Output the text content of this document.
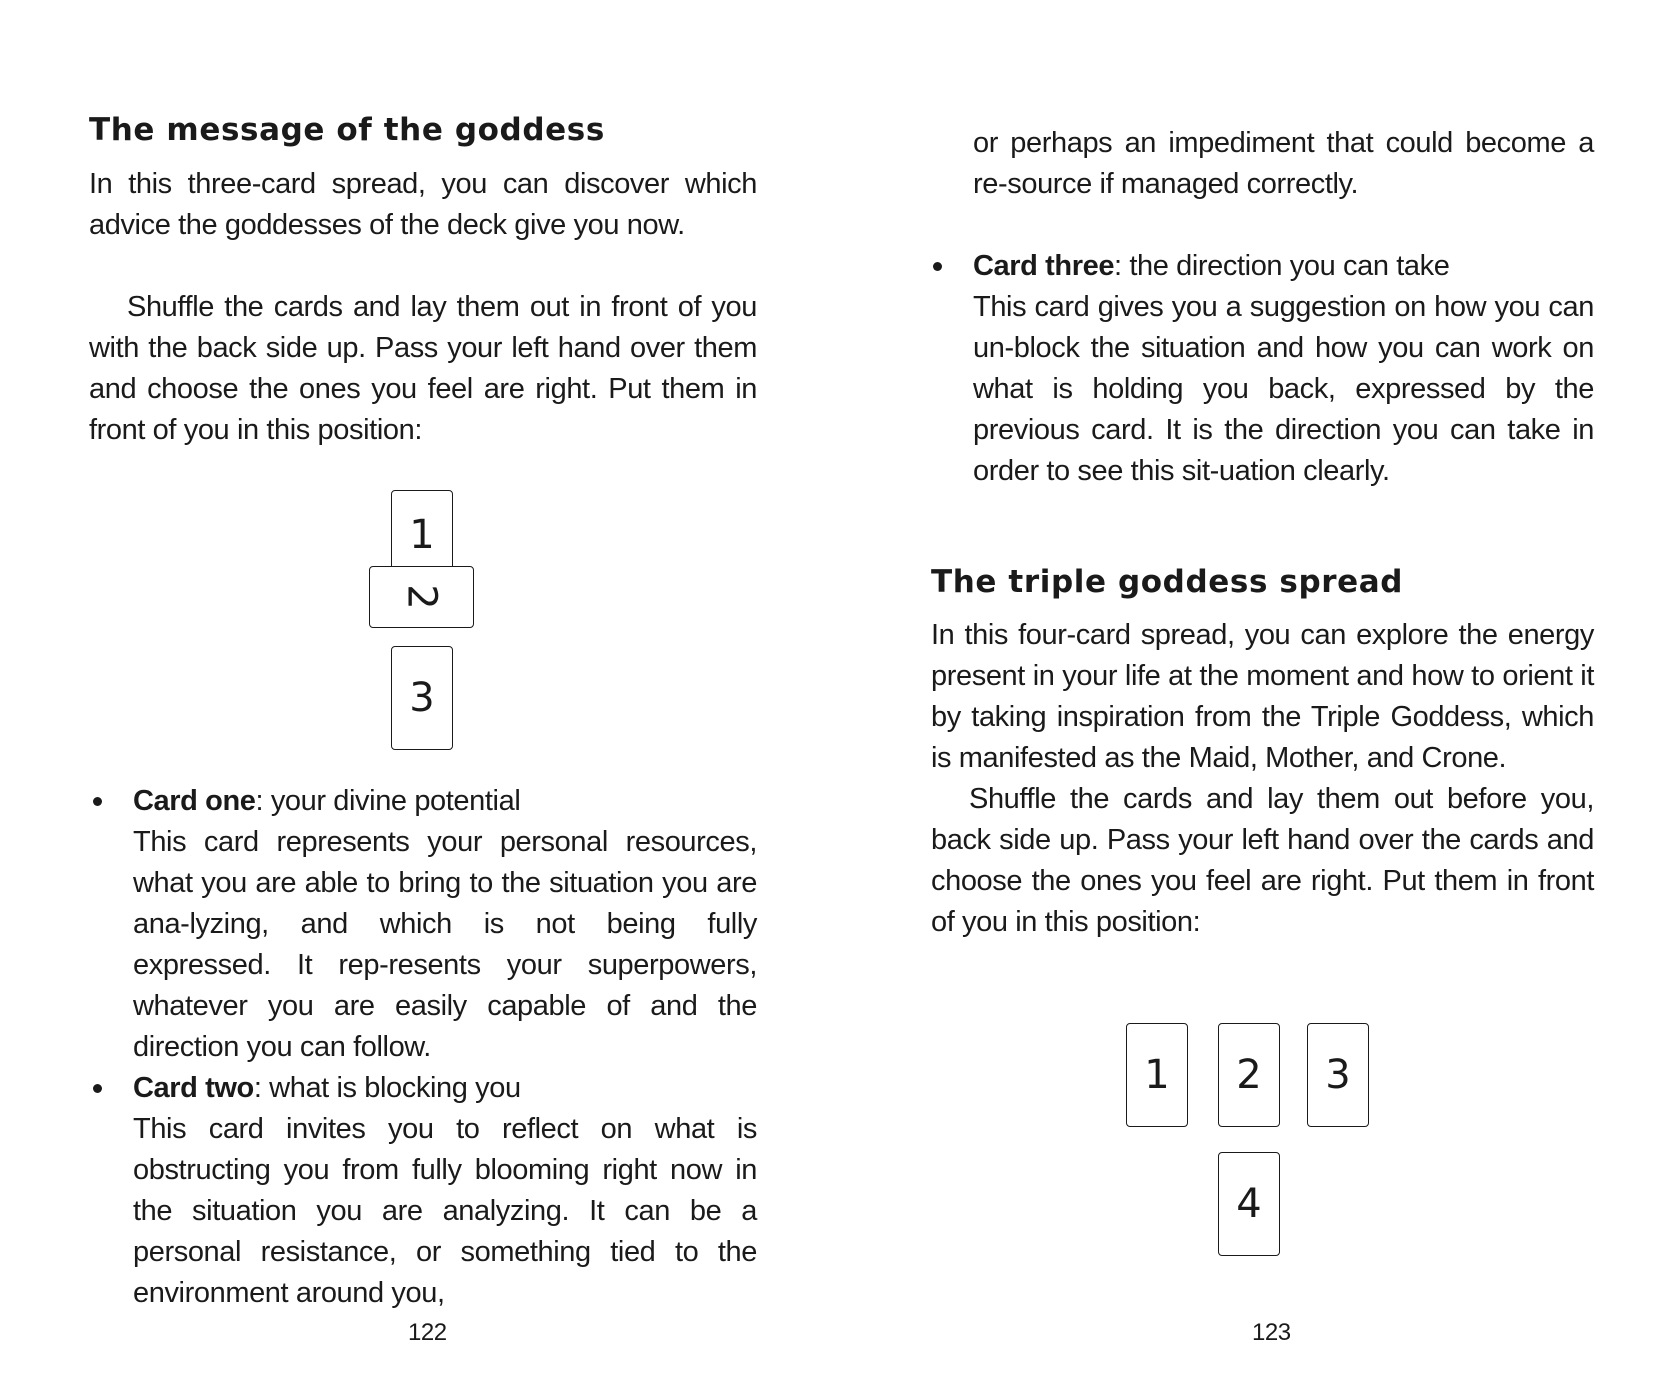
The message of the goddess

In this three-card spread, you can discover which advice the goddesses of the deck give you now.

Shuffle the cards and lay them out in front of you with the back side up. Pass your left hand over them and choose the ones you feel are right. Put them in front of you in this position:

1
2
3

Card one: your divine potential

This card represents your personal resources, what you are able to bring to the situation you are ana-lyzing, and which is not being fully expressed. It rep-resents your superpowers, whatever you are easily capable of and the direction you can follow.

Card two: what is blocking you

This card invites you to reflect on what is obstructing you from fully blooming right now in the situation you are analyzing. It can be a personal resistance, or something tied to the environment around you,

122

or perhaps an impediment that could become a re-source if managed correctly.

Card three: the direction you can take

This card gives you a suggestion on how you can un-block the situation and how you can work on what is holding you back, expressed by the previous card. It is the direction you can take in order to see this sit-uation clearly.

The triple goddess spread

In this four-card spread, you can explore the energy present in your life at the moment and how to orient it by taking inspiration from the Triple Goddess, which is manifested as the Maid, Mother, and Crone.

Shuffle the cards and lay them out before you, back side up. Pass your left hand over the cards and choose the ones you feel are right. Put them in front of you in this position:

1 2 3
4

123
